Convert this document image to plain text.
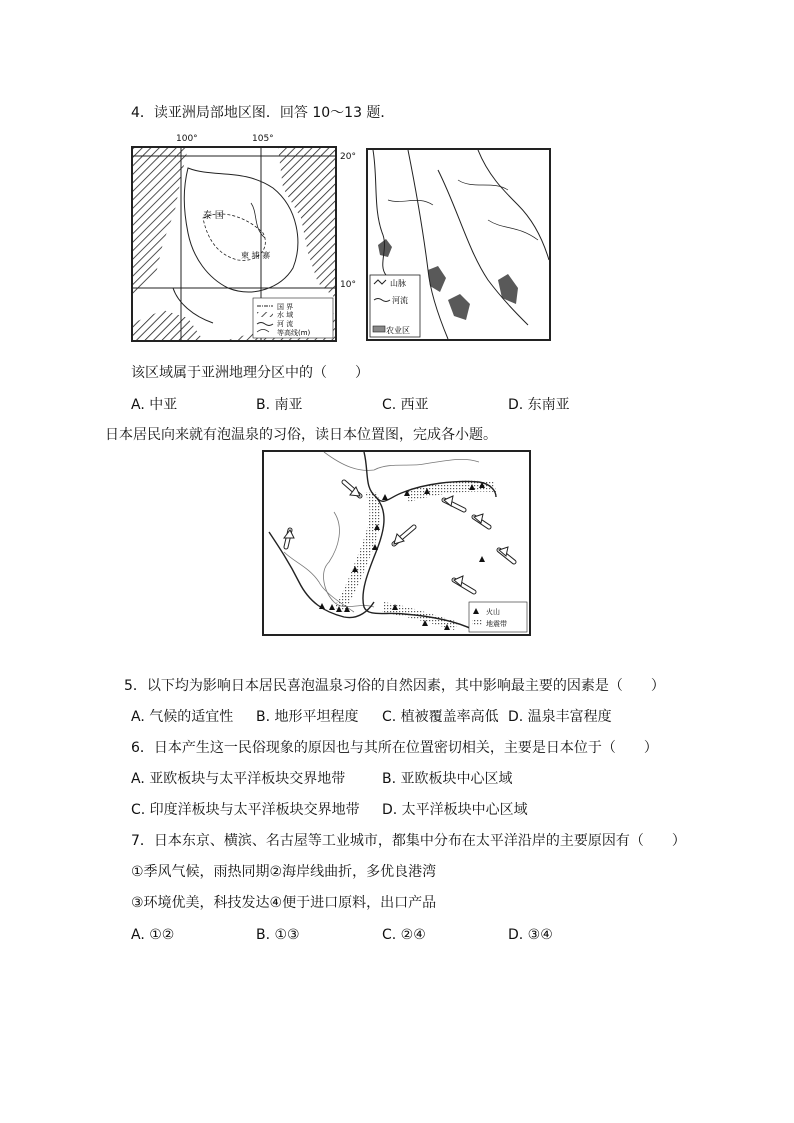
4．读亚洲局部地区图．回答 10～13 题．
100°	105°
20°
10°
泰 国
柬 埔 寨
国 界
水 域
河 流
等高线(m)
山脉
河流
农业区
该区域属于亚洲地理分区中的（　　）
A. 中亚	B. 南亚	C. 西亚	D. 东南亚
日本居民向来就有泡温泉的习俗，读日本位置图，完成各小题。
火山
地震带
5．以下均为影响日本居民喜泡温泉习俗的自然因素，其中影响最主要的因素是（　　）
A. 气候的适宜性 B. 地形平坦程度 C. 植被覆盖率高低 D. 温泉丰富程度
6．日本产生这一民俗现象的原因也与其所在位置密切相关，主要是日本位于（　　）
A. 亚欧板块与太平洋板块交界地带	B. 亚欧板块中心区域
C. 印度洋板块与太平洋板块交界地带 D. 太平洋板块中心区域
7．日本东京、横滨、名古屋等工业城市，都集中分布在太平洋沿岸的主要原因有（　　）
①季风气候，雨热同期②海岸线曲折，多优良港湾
③环境优美，科技发达④便于进口原料，出口产品
A. ①②	B. ①③	C. ②④	D. ③④
